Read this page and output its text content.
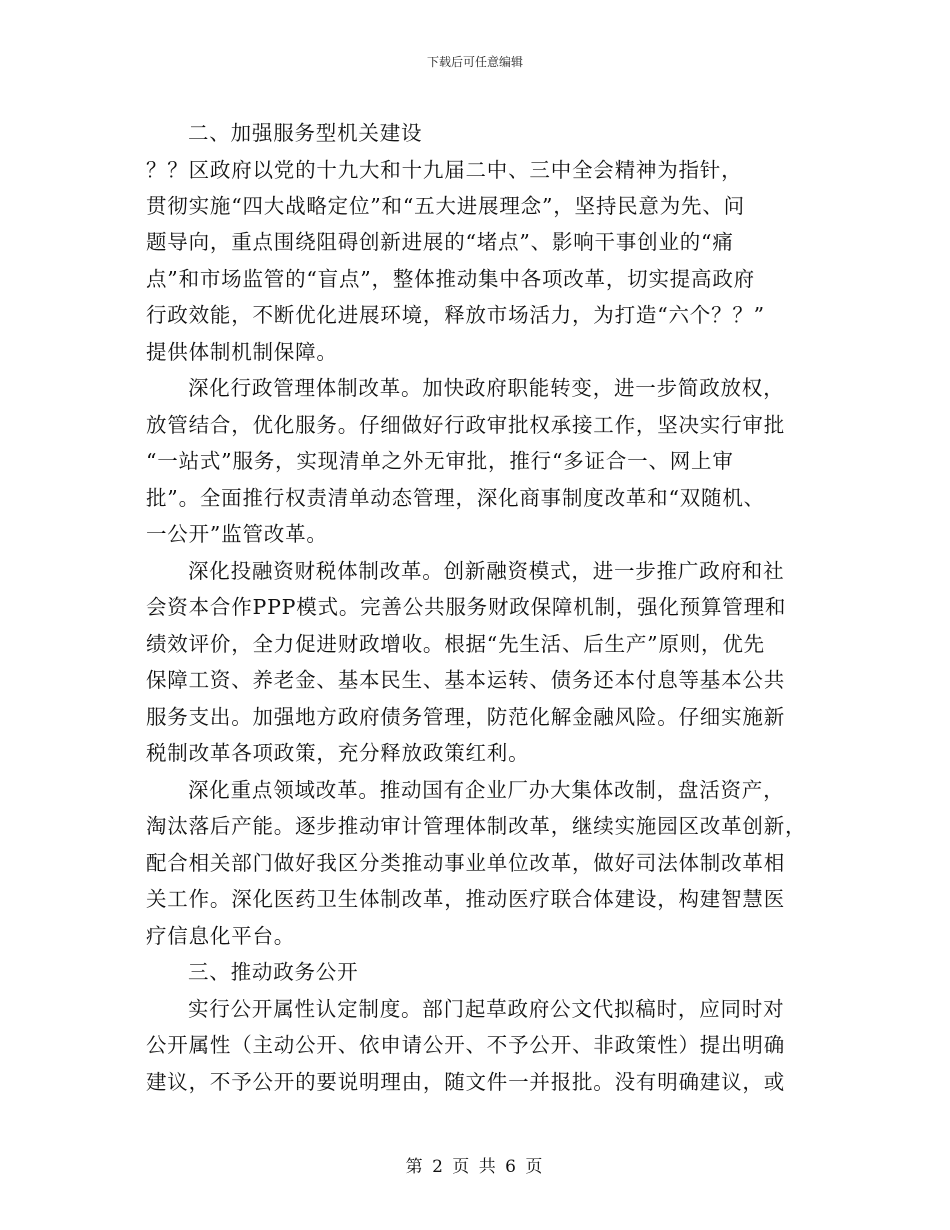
下载后可任意编辑
二、加强服务型机关建设
？？区政府以党的十九大和十九届二中、三中全会精神为指针，
贯彻实施“四大战略定位”和“五大进展理念”，坚持民意为先、问
题导向，重点围绕阻碍创新进展的“堵点”、影响干事创业的“痛
点”和市场监管的“盲点”，整体推动集中各项改革，切实提高政府
行政效能，不断优化进展环境，释放市场活力，为打造“六个？？”
提供体制机制保障。
深化行政管理体制改革。加快政府职能转变，进一步简政放权，
放管结合，优化服务。仔细做好行政审批权承接工作，坚决实行审批
“一站式”服务，实现清单之外无审批，推行“多证合一、网上审
批”。全面推行权责清单动态管理，深化商事制度改革和“双随机、
一公开”监管改革。
深化投融资财税体制改革。创新融资模式，进一步推广政府和社
会资本合作PPP模式。完善公共服务财政保障机制，强化预算管理和
绩效评价，全力促进财政增收。根据“先生活、后生产”原则，优先
保障工资、养老金、基本民生、基本运转、债务还本付息等基本公共
服务支出。加强地方政府债务管理，防范化解金融风险。仔细实施新
税制改革各项政策，充分释放政策红利。
深化重点领域改革。推动国有企业厂办大集体改制，盘活资产，
淘汰落后产能。逐步推动审计管理体制改革，继续实施园区改革创新，
配合相关部门做好我区分类推动事业单位改革，做好司法体制改革相
关工作。深化医药卫生体制改革，推动医疗联合体建设，构建智慧医
疗信息化平台。
三、推动政务公开
实行公开属性认定制度。部门起草政府公文代拟稿时，应同时对
公开属性（主动公开、依申请公开、不予公开、非政策性）提出明确
建议，不予公开的要说明理由，随文件一并报批。没有明确建议，或
第 2 页 共 6 页
